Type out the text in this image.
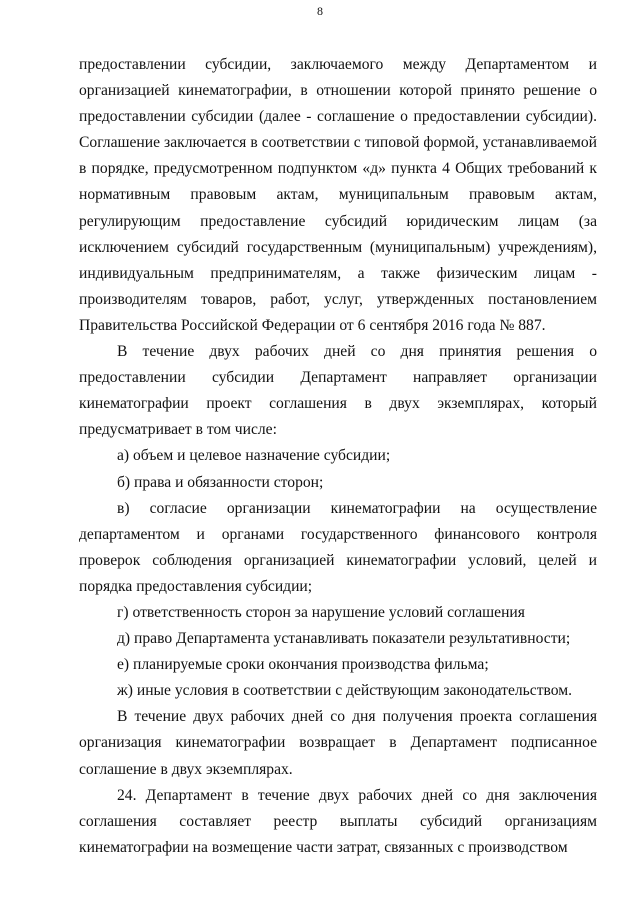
8

предоставлении субсидии, заключаемого между Департаментом и организацией кинематографии, в отношении которой принято решение о предоставлении субсидии (далее - соглашение о предоставлении субсидии). Соглашение заключается в соответствии с типовой формой, устанавливаемой в порядке, предусмотренном подпунктом «д» пункта 4 Общих требований к нормативным правовым актам, муниципальным правовым актам, регулирующим предоставление субсидий юридическим лицам (за исключением субсидий государственным (муниципальным) учреждениям), индивидуальным предпринимателям, а также физическим лицам - производителям товаров, работ, услуг, утвержденных постановлением Правительства Российской Федерации от 6 сентября 2016 года № 887.

В течение двух рабочих дней со дня принятия решения о предоставлении субсидии Департамент направляет организации кинематографии проект соглашения в двух экземплярах, который предусматривает в том числе:

а) объем и целевое назначение субсидии;

б) права и обязанности сторон;

в) согласие организации кинематографии на осуществление департаментом и органами государственного финансового контроля проверок соблюдения организацией кинематографии условий, целей и порядка предоставления субсидии;

г) ответственность сторон за нарушение условий соглашения

д) право Департамента устанавливать показатели результативности;

е) планируемые сроки окончания производства фильма;

ж) иные условия в соответствии с действующим законодательством.

В течение двух рабочих дней со дня получения проекта соглашения организация кинематографии возвращает в Департамент подписанное соглашение в двух экземплярах.

24. Департамент в течение двух рабочих дней со дня заключения соглашения составляет реестр выплаты субсидий организациям кинематографии на возмещение части затрат, связанных с производством
